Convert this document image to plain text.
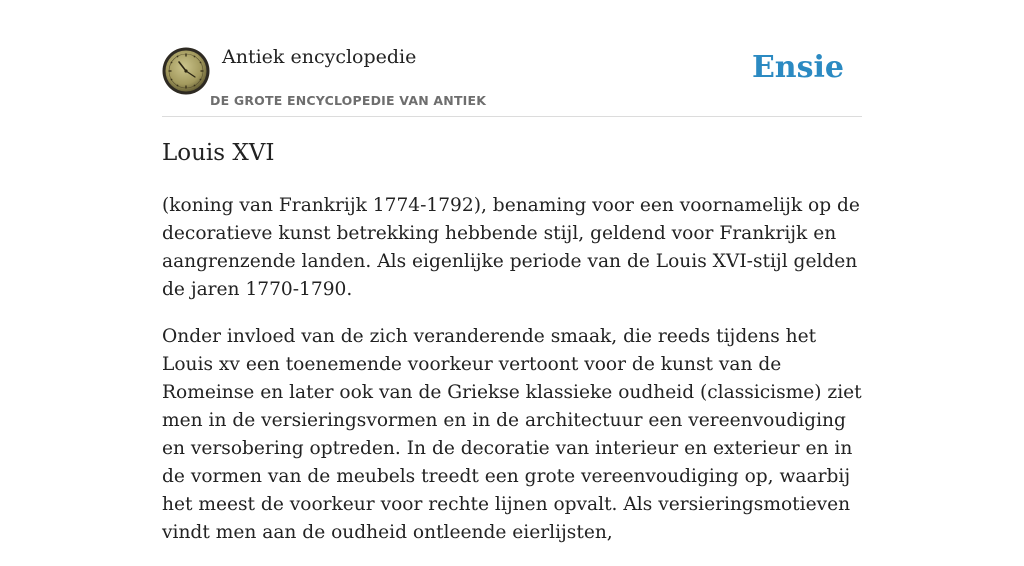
Antiek encyclopedie
DE GROTE ENCYCLOPEDIE VAN ANTIEK
Ensie
Louis XVI

(koning van Frankrijk 1774-1792), benaming voor een voornamelijk op de decoratieve kunst betrekking hebbende stijl, geldend voor Frankrijk en aangrenzende landen. Als eigenlijke periode van de Louis XVI-stijl gelden de jaren 1770-1790.

Onder invloed van de zich veranderende smaak, die reeds tijdens het Louis xv een toenemende voorkeur vertoont voor de kunst van de Romeinse en later ook van de Griekse klassieke oudheid (classicisme) ziet men in de versieringsvormen en in de architectuur een vereenvoudiging en versobering optreden. In de decoratie van interieur en exterieur en in de vormen van de meubels treedt een grote vereenvoudiging op, waarbij het meest de voorkeur voor rechte lijnen opvalt. Als versieringsmotieven vindt men aan de oudheid ontleende eierlijsten,
